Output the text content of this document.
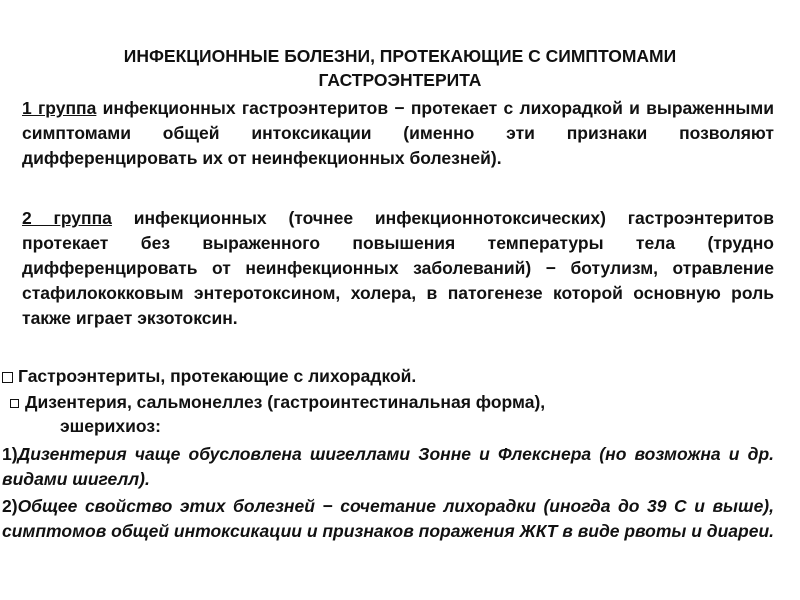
ИНФЕКЦИОННЫЕ БОЛЕЗНИ, ПРОТЕКАЮЩИЕ С СИМПТОМАМИ ГАСТРОЭНТЕРИТА
1 группа инфекционных гастроэнтеритов − протекает с лихорадкой и выраженными симптомами общей интоксикации (именно эти признаки позволяют дифференцировать их от неинфекционных болезней).
2 группа инфекционных (точнее инфекционнотоксических) гастроэнтеритов протекает без выраженного повышения температуры тела (трудно дифференцировать от неинфекционных заболеваний) − ботулизм, отравление стафилококковым энтеротоксином, холера, в патогенезе которой основную роль также играет экзотоксин.
Гастроэнтериты, протекающие с лихорадкой.
Дизентерия, сальмонеллез (гастроинтестинальная форма),
эшерихиоз:
1)Дизентерия чаще обусловлена шигеллами Зонне и Флекснера (но возможна и др. видами шигелл).
2)Общее свойство этих болезней − сочетание лихорадки (иногда до 39 С и выше), симптомов общей интоксикации и признаков поражения ЖКТ в виде рвоты и диареи.
